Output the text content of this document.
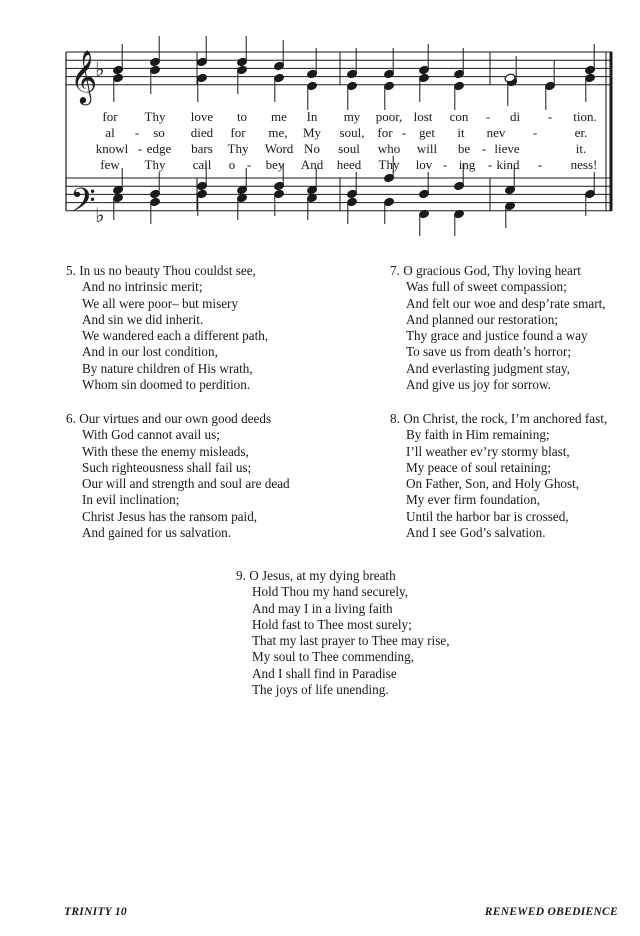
𝄞
𝄢
♭
♭
for Thy love to me In my poor, lost con - di - tion.
al - so died for me, My soul, for - get it nev -	er.
knowl - edge bars Thy Word No soul who will be - lieve	it.
few Thy call o - bey And heed Thy lov - ing - kind - ness!
5. In us no beauty Thou couldst see,
And no intrinsic merit;
We all were poor– but misery
And sin we did inherit.
We wandered each a different path,
And in our lost condition,
By nature children of His wrath,
Whom sin doomed to perdition.
7. O gracious God, Thy loving heart
Was full of sweet compassion;
And felt our woe and desp’rate smart,
And planned our restoration;
Thy grace and justice found a way
To save us from death’s horror;
And everlasting judgment stay,
And give us joy for sorrow.
6. Our virtues and our own good deeds
With God cannot avail us;
With these the enemy misleads,
Such righteousness shall fail us;
Our will and strength and soul are dead
In evil inclination;
Christ Jesus has the ransom paid,
And gained for us salvation.
8. On Christ, the rock, I’m anchored fast,
By faith in Him remaining;
I’ll weather ev’ry stormy blast,
My peace of soul retaining;
On Father, Son, and Holy Ghost,
My ever firm foundation,
Until the harbor bar is crossed,
And I see God’s salvation.
9. O Jesus, at my dying breath
Hold Thou my hand securely,
And may I in a living faith
Hold fast to Thee most surely;
That my last prayer to Thee may rise,
My soul to Thee commending,
And I shall find in Paradise
The joys of life unending.
TRINITY 10	RENEWED OBEDIENCE
